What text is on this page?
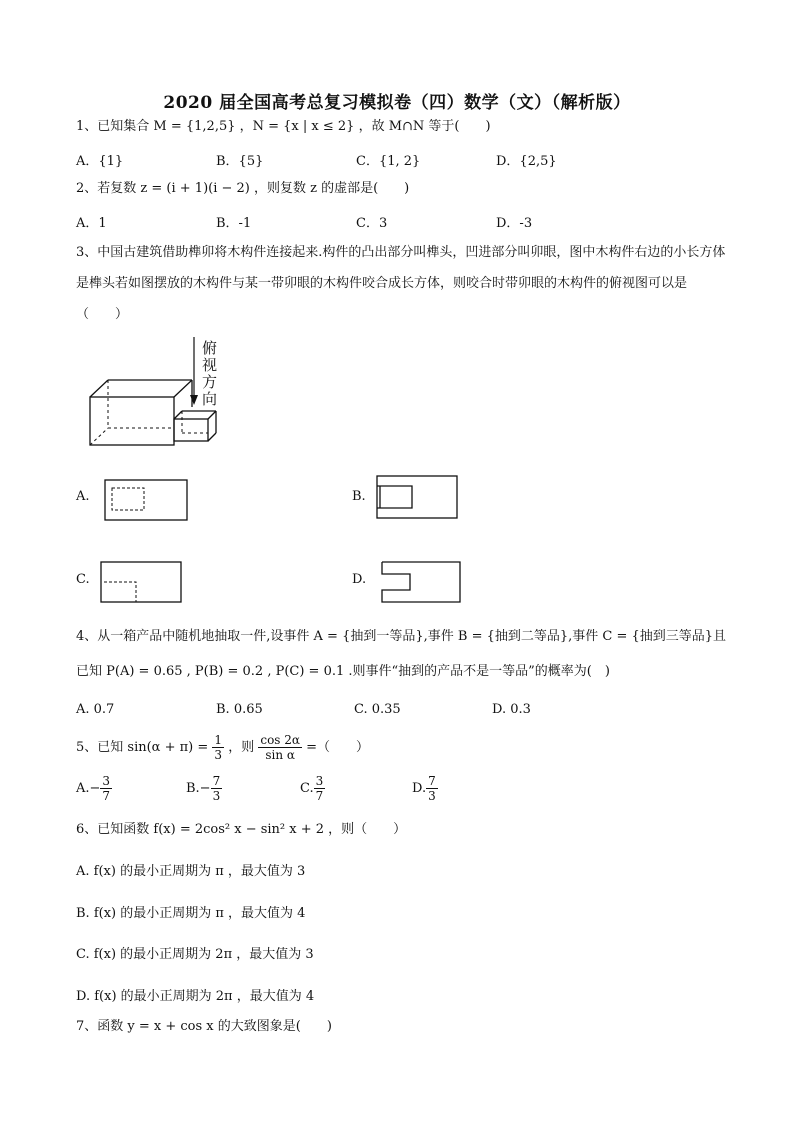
2020 届全国高考总复习模拟卷（四）数学（文）（解析版）
1、已知集合 M = {1,2,5} ，N = {x | x ≤ 2} ，故 M∩N 等于(　　)
A．{1}	B．{5}	C．{1, 2}	D．{2,5}
2、若复数 z = (i + 1)(i − 2) ，则复数 z 的虚部是(　　)
A．1	B．-1	C．3	D．-3
3、中国古建筑借助榫卯将木构件连接起来.构件的凸出部分叫榫头，凹进部分叫卯眼，图中木构件右边的小长方体是榫头若如图摆放的木构件与某一带卯眼的木构件咬合成长方体，则咬合时带卯眼的木构件的俯视图可以是（　　）
俯
视
方
向
A.	B.
C.	D.
4、从一箱产品中随机地抽取一件,设事件 A = {抽到一等品},事件 B = {抽到二等品},事件 C = {抽到三等品}且
已知 P(A) = 0.65 , P(B) = 0.2 , P(C) = 0.1 .则事件“抽到的产品不是一等品”的概率为(　)
A. 0.7	B. 0.65	C. 0.35	D. 0.3
5、已知 $\sin(\alpha + \pi) = \frac{1}{3}$ ，则 $\frac{\cos 2\alpha}{\text{sin α}}$ =（　　）
$A.- \frac{3}{7}$	$B.- \frac{7}{3}$	C. $\frac{3}{7}$	D. $\frac{7}{3}$
6、已知函数 f(x) = 2cos² x − sin² x + 2 ，则（　　）
A. f(x) 的最小正周期为 π ，最大值为 3
B. f(x) 的最小正周期为 π ，最大值为 4
C. f(x) 的最小正周期为 2π ，最大值为 3
D. f(x) 的最小正周期为 2π ，最大值为 4
7、函数 y = x + cos x 的大致图象是(　　)
